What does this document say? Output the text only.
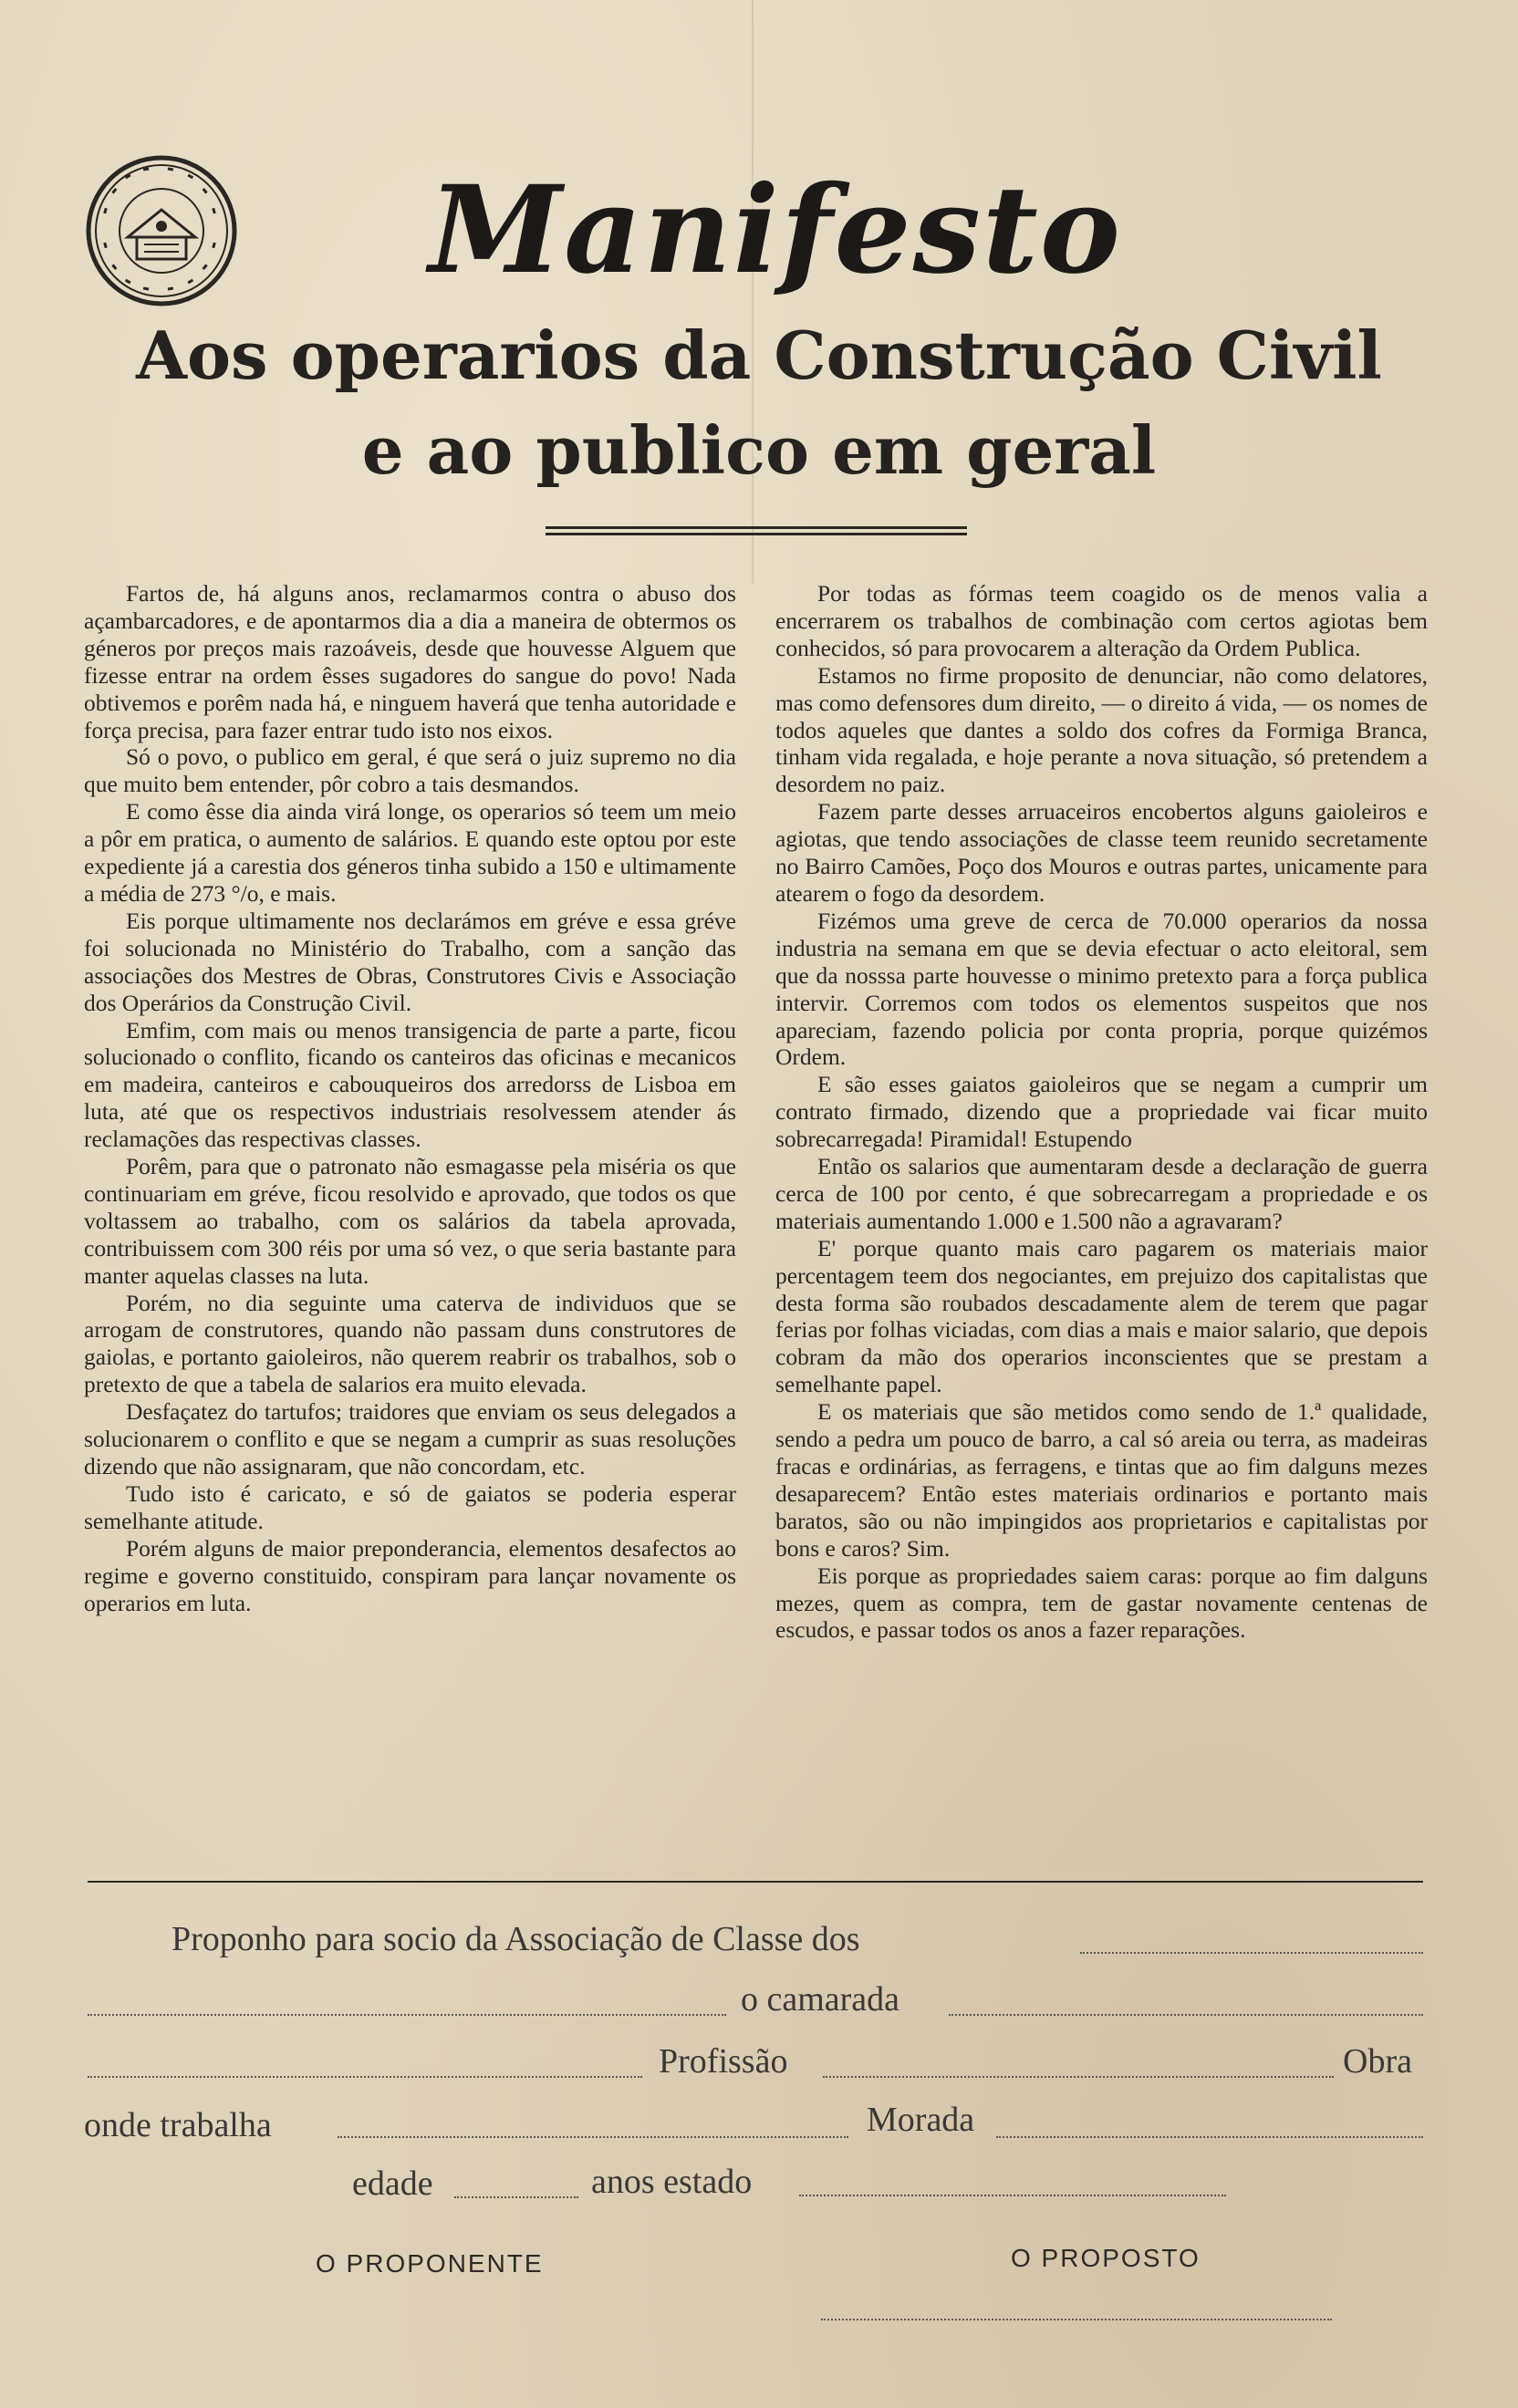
Manifesto
Aos operarios da Construção Civil
e ao publico em geral

Fartos de, há alguns anos, reclamarmos contra o abuso dos açambarcadores, e de apontarmos dia a dia a maneira de obtermos os géneros por preços mais razoáveis, desde que houvesse Alguem que fizesse entrar na ordem êsses sugadores do sangue do povo! Nada obtivemos e porêm nada há, e ninguem haverá que tenha autoridade e força precisa, para fazer entrar tudo isto nos eixos.

Só o povo, o publico em geral, é que será o juiz supremo no dia que muito bem entender, pôr cobro a tais desmandos.

E como êsse dia ainda virá longe, os operarios só teem um meio a pôr em pratica, o aumento de salários. E quando este optou por este expediente já a carestia dos géneros tinha subido a 150 e ultimamente a média de 273 °/o, e mais.

Eis porque ultimamente nos declarámos em gréve e essa gréve foi solucionada no Ministério do Trabalho, com a sanção das associações dos Mestres de Obras, Construtores Civis e Associação dos Operários da Construção Civil.

Emfim, com mais ou menos transigencia de parte a parte, ficou solucionado o conflito, ficando os canteiros das oficinas e mecanicos em madeira, canteiros e cabouqueiros dos arredorss de Lisboa em luta, até que os respectivos industriais resolvessem atender ás reclamações das respectivas classes.

Porêm, para que o patronato não esmagasse pela miséria os que continuariam em gréve, ficou resolvido e aprovado, que todos os que voltassem ao trabalho, com os salários da tabela aprovada, contribuissem com 300 réis por uma só vez, o que seria bastante para manter aquelas classes na luta.

Porém, no dia seguinte uma caterva de individuos que se arrogam de construtores, quando não passam duns construtores de gaiolas, e portanto gaioleiros, não querem reabrir os trabalhos, sob o pretexto de que a tabela de salarios era muito elevada.

Desfaçatez do tartufos; traidores que enviam os seus delegados a solucionarem o conflito e que se negam a cumprir as suas resoluções dizendo que não assignaram, que não concordam, etc.

Tudo isto é caricato, e só de gaiatos se poderia esperar semelhante atitude.

Porém alguns de maior preponderancia, elementos desafectos ao regime e governo constituido, conspiram para lançar novamente os operarios em luta.

Por todas as fórmas teem coagido os de menos valia a encerrarem os trabalhos de combinação com certos agiotas bem conhecidos, só para provocarem a alteração da Ordem Publica.

Estamos no firme proposito de denunciar, não como delatores, mas como defensores dum direito, — o direito á vida, — os nomes de todos aqueles que dantes a soldo dos cofres da Formiga Branca, tinham vida regalada, e hoje perante a nova situação, só pretendem a desordem no paiz.

Fazem parte desses arruaceiros encobertos alguns gaioleiros e agiotas, que tendo associações de classe teem reunido secretamente no Bairro Camões, Poço dos Mouros e outras partes, unicamente para atearem o fogo da desordem.

Fizémos uma greve de cerca de 70.000 operarios da nossa industria na semana em que se devia efectuar o acto eleitoral, sem que da nosssa parte houvesse o minimo pretexto para a força publica intervir. Corremos com todos os elementos suspeitos que nos apareciam, fazendo policia por conta propria, porque quizémos Ordem.

E são esses gaiatos gaioleiros que se negam a cumprir um contrato firmado, dizendo que a propriedade vai ficar muito sobrecarregada! Piramidal! Estupendo

Então os salarios que aumentaram desde a declaração de guerra cerca de 100 por cento, é que sobrecarregam a propriedade e os materiais aumentando 1.000 e 1.500 não a agravaram?

E' porque quanto mais caro pagarem os materiais maior percentagem teem dos negociantes, em prejuizo dos capitalistas que desta forma são roubados descadamente alem de terem que pagar ferias por folhas viciadas, com dias a mais e maior salario, que depois cobram da mão dos operarios inconscientes que se prestam a semelhante papel.

E os materiais que são metidos como sendo de 1.ª qualidade, sendo a pedra um pouco de barro, a cal só areia ou terra, as madeiras fracas e ordinárias, as ferragens, e tintas que ao fim dalguns mezes desaparecem? Então estes materiais ordinarios e portanto mais baratos, são ou não impingidos aos proprietarios e capitalistas por bons e caros? Sim.

Eis porque as propriedades saiem caras: porque ao fim dalguns mezes, quem as compra, tem de gastar novamente centenas de escudos, e passar todos os anos a fazer reparações.

Proponho para socio da Associação de Classe dos
o camarada
Profissão	Obra
onde trabalha	Morada
edade	anos estado
O PROPONENTE	O PROPOSTO
